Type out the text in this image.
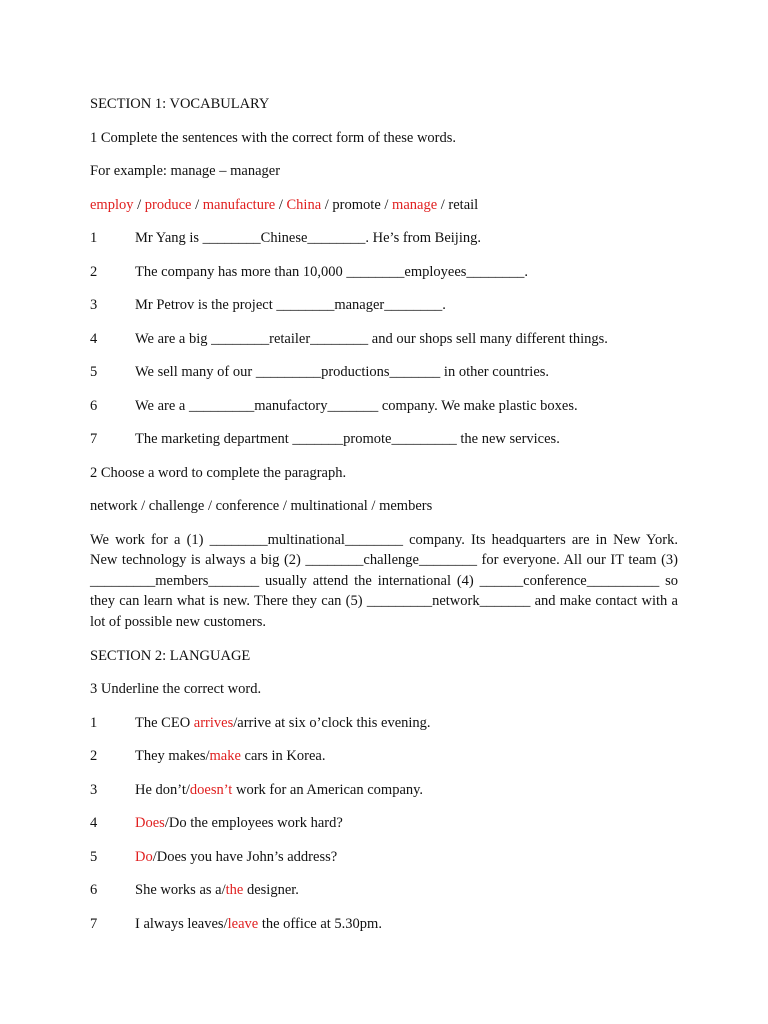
SECTION 1: VOCABULARY
1 Complete the sentences with the correct form of these words.
For example: manage – manager
employ / produce / manufacture / China / promote / manage / retail
1	Mr Yang is ________Chinese________. He’s from Beijing.
2	The company has more than 10,000 ________employees________.
3	Mr Petrov is the project ________manager________.
4	We are a big ________retailer________ and our shops sell many different things.
5	We sell many of our _________productions_______ in other countries.
6	We are a _________manufactory_______ company. We make plastic boxes.
7	The marketing department _______promote_________ the new services.
2 Choose a word to complete the paragraph.
network / challenge / conference / multinational / members
We work for a (1) ________multinational________ company. Its headquarters are in New York. New technology is always a big (2) ________challenge________ for everyone. All our IT team (3) _________members_______ usually attend the international (4) ______conference__________ so they can learn what is new. There they can (5) _________network_______ and make contact with a lot of possible new customers.
SECTION 2: LANGUAGE
3 Underline the correct word.
1	The CEO arrives/arrive at six o’clock this evening.
2	They makes/make cars in Korea.
3	He don’t/doesn’t work for an American company.
4	Does/Do the employees work hard?
5	Do/Does you have John’s address?
6	She works as a/the designer.
7	I always leaves/leave the office at 5.30pm.
